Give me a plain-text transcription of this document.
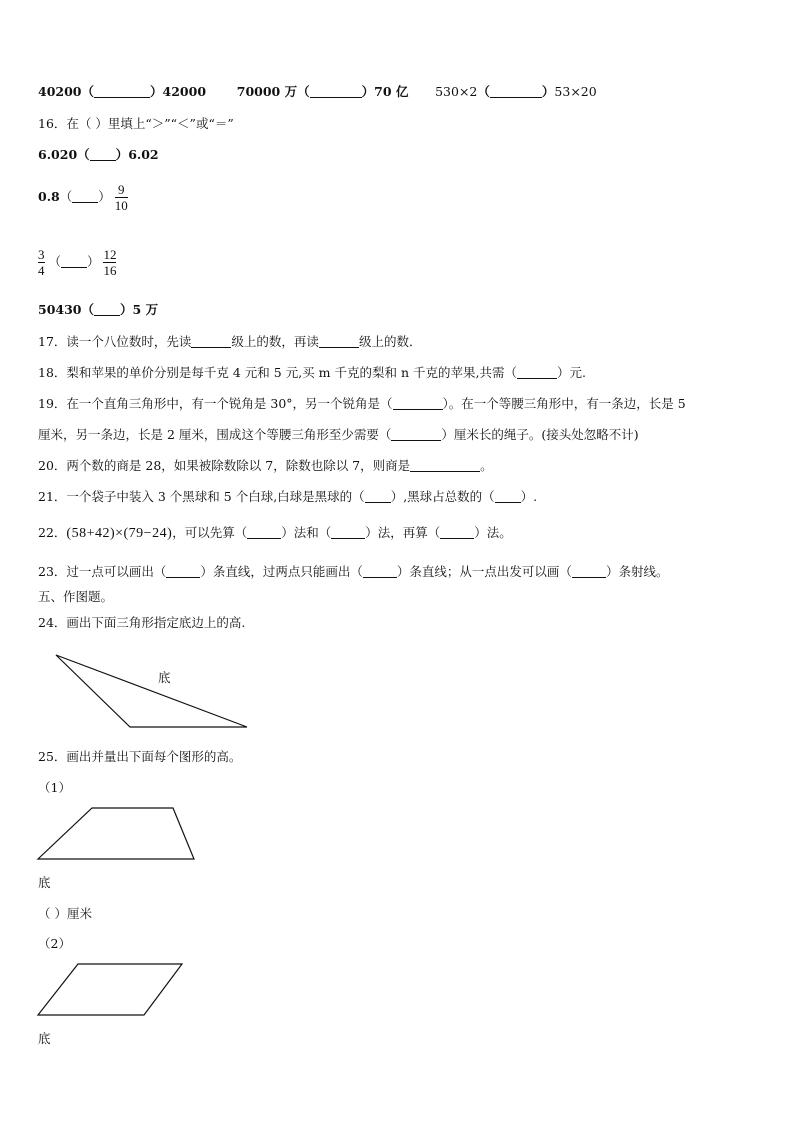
40200（	）42000 70000 万（	）70 亿 530×2（	）53×20
16．在（ ）里填上“＞”“＜”或“＝”
6.020（ ）6.02
0.8（ ） $\frac{9}{10}$
$\frac{3}{4}$ （ ） $\frac{12}{16}$
50430（ ）5 万
17．读一个八位数时，先读	级上的数，再读	级上的数．
18．梨和苹果的单价分别是每千克 4 元和 5 元,买 m 千克的梨和 n 千克的苹果,共需（	）元.
19．在一个直角三角形中，有一个锐角是 30°，另一个锐角是（	）。在一个等腰三角形中，有一条边，长是 5
厘米，另一条边，长是 2 厘米，围成这个等腰三角形至少需要（	）厘米长的绳子。(接头处忽略不计)
20．两个数的商是 28，如果被除数除以 7，除数也除以 7，则商是	。
21．一个袋子中装入 3 个黑球和 5 个白球,白球是黑球的（ ）,黑球占总数的（ ）.
22．(58+42)×(79−24)，可以先算（	）法和（	）法，再算（	）法。
23．过一点可以画出（	）条直线，过两点只能画出（	）条直线；从一点出发可以画（	）条射线。
五、作图题。
24．画出下面三角形指定底边上的高.
底
25．画出并量出下面每个图形的高。
（1）
底
（ ）厘米
（2）
底
